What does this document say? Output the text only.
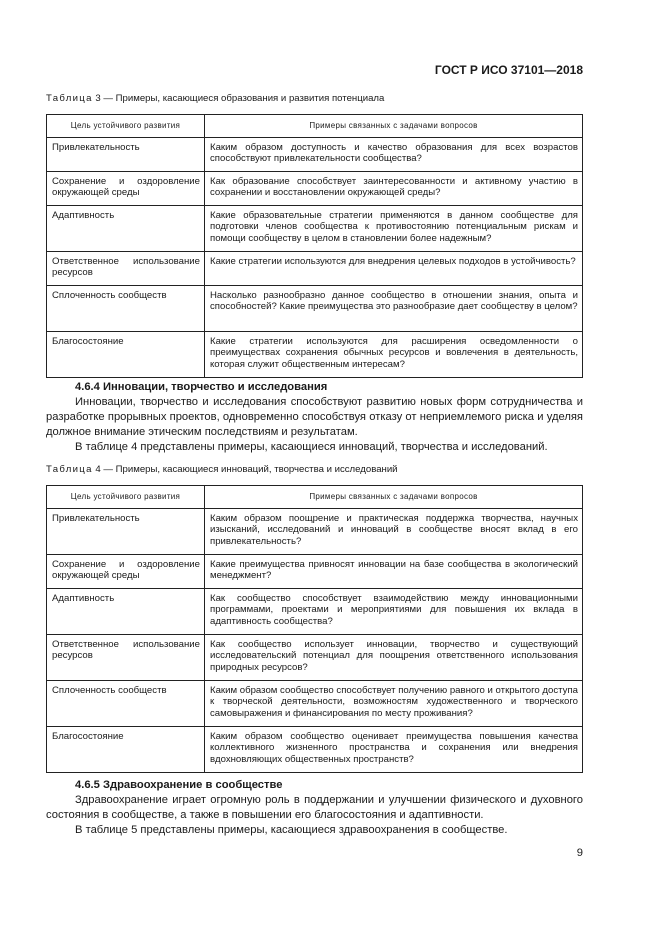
ГОСТ Р ИСО 37101—2018
Таблица 3 — Примеры, касающиеся образования и развития потенциала
Цель устойчивого развития	Примеры связанных с задачами вопросов
Привлекательность	Каким образом доступность и качество образования для всех возрастов способствуют привлекательности сообщества?
Сохранение и оздоровление окружающей среды	Как образование способствует заинтересованности и активному участию в сохранении и восстановлении окружающей среды?
Адаптивность	Какие образовательные стратегии применяются в данном сообществе для подготовки членов сообщества к противостоянию потенциальным рискам и помощи сообществу в целом в становлении более надежным?
Ответственное использование ресурсов	Какие стратегии используются для внедрения целевых подходов в устойчивость?
Сплоченность сообществ	Насколько разнообразно данное сообщество в отношении знания, опыта и способностей? Какие преимущества это разнообразие дает сообществу в целом?
Благосостояние	Какие стратегии используются для расширения осведомленности о преимуществах сохранения обычных ресурсов и вовлечения в деятельность, которая служит общественным интересам?
4.6.4 Инновации, творчество и исследования

Инновации, творчество и исследования способствуют развитию новых форм сотрудничества и разработке прорывных проектов, одновременно способствуя отказу от неприемлемого риска и уделяя должное внимание этическим последствиям и результатам.

В таблице 4 представлены примеры, касающиеся инноваций, творчества и исследований.

Таблица 4 — Примеры, касающиеся инноваций, творчества и исследований
Цель устойчивого развития	Примеры связанных с задачами вопросов
Привлекательность	Каким образом поощрение и практическая поддержка творчества, научных изысканий, исследований и инноваций в сообществе вносят вклад в его привлекательность?
Сохранение и оздоровление окружающей среды	Какие преимущества привносят инновации на базе сообщества в экологический менеджмент?
Адаптивность	Как сообщество способствует взаимодействию между инновационными программами, проектами и мероприятиями для повышения их вклада в адаптивность сообщества?
Ответственное использование ресурсов	Как сообщество использует инновации, творчество и существующий исследовательский потенциал для поощрения ответственного использования природных ресурсов?
Сплоченность сообществ	Каким образом сообщество способствует получению равного и открытого доступа к творческой деятельности, возможностям художественного и творческого самовыражения и финансирования по месту проживания?
Благосостояние	Каким образом сообщество оценивает преимущества повышения качества коллективного жизненного пространства и сохранения или внедрения вдохновляющих общественных пространств?
4.6.5 Здравоохранение в сообществе

Здравоохранение играет огромную роль в поддержании и улучшении физического и духовного состояния в сообществе, а также в повышении его благосостояния и адаптивности.

В таблице 5 представлены примеры, касающиеся здравоохранения в сообществе.

9
